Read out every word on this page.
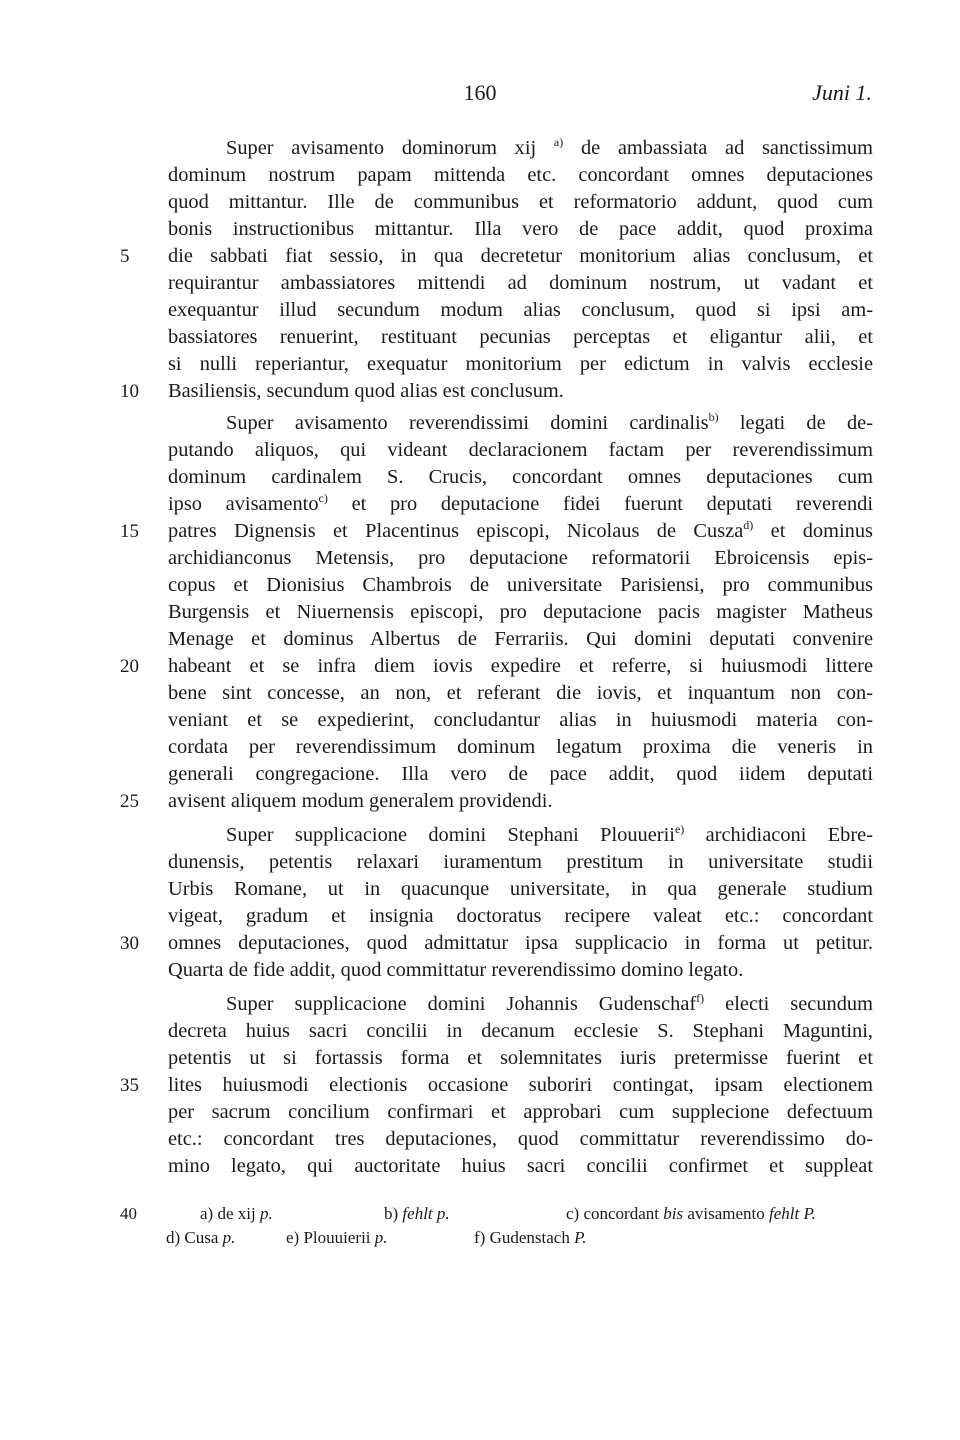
160	Juni 1.
Super avisamento dominorum xij $^{a)}$ de ambassiata ad sanctissimum
dominum nostrum papam mittenda etc. concordant omnes deputaciones
quod mittantur. Ille de communibus et reformatorio addunt, quod cum
bonis instructionibus mittantur. Illa vero de pace addit, quod proxima
die sabbati fiat sessio, in qua decretetur monitorium alias conclusum, et
requirantur ambassiatores mittendi ad dominum nostrum, ut vadant et
exequantur illud secundum modum alias conclusum, quod si ipsi am-
bassiatores renuerint, restituant pecunias perceptas et eligantur alii, et
si nulli reperiantur, exequatur monitorium per edictum in valvis ecclesie
Basiliensis, secundum quod alias est conclusum.
Super avisamento reverendissimi domini cardinalis$^{b)}$ legati de de-
putando aliquos, qui videant declaracionem factam per reverendissimum
dominum cardinalem S. Crucis, concordant omnes deputaciones cum
ipso avisamento$^{c)}$ et pro deputacione fidei fuerunt deputati reverendi
patres Dignensis et Placentinus episcopi, Nicolaus de Cusza$^{d)}$ et dominus
archidianconus Metensis, pro deputacione reformatorii Ebroicensis epis-
copus et Dionisius Chambrois de universitate Parisiensi, pro communibus
Burgensis et Niuernensis episcopi, pro deputacione pacis magister Matheus
Menage et dominus Albertus de Ferrariis. Qui domini deputati convenire
habeant et se infra diem iovis expedire et referre, si huiusmodi littere
bene sint concesse, an non, et referant die iovis, et inquantum non con-
veniant et se expedierint, concludantur alias in huiusmodi materia con-
cordata per reverendissimum dominum legatum proxima die veneris in
generali congregacione. Illa vero de pace addit, quod iidem deputati
avisent aliquem modum generalem providendi.
Super supplicacione domini Stephani Plouuerii$^{e)}$ archidiaconi Ebre-
dunensis, petentis relaxari iuramentum prestitum in universitate studii
Urbis Romane, ut in quacunque universitate, in qua generale studium
vigeat, gradum et insignia doctoratus recipere valeat etc.: concordant
omnes deputaciones, quod admittatur ipsa supplicacio in forma ut petitur.
Quarta de fide addit, quod committatur reverendissimo domino legato.
Super supplicacione domini Johannis Gudenschaf$^{f)}$ electi secundum
decreta huius sacri concilii in decanum ecclesie S. Stephani Maguntini,
petentis ut si fortassis forma et solemnitates iuris pretermisse fuerint et
lites huiusmodi electionis occasione suboriri contingat, ipsam electionem
per sacrum concilium confirmari et approbari cum supplecione defectuum
etc.: concordant tres deputaciones, quod committatur reverendissimo do-
mino legato, qui auctoritate huius sacri concilii confirmet et suppleat
5
10
15
20
25
30
35
40	a) de xij p.	b) fehlt p.	c) concordant bis avisamento fehlt P.
d) Cusa p.	e) Plouuierii p.	f) Gudenstach P.
